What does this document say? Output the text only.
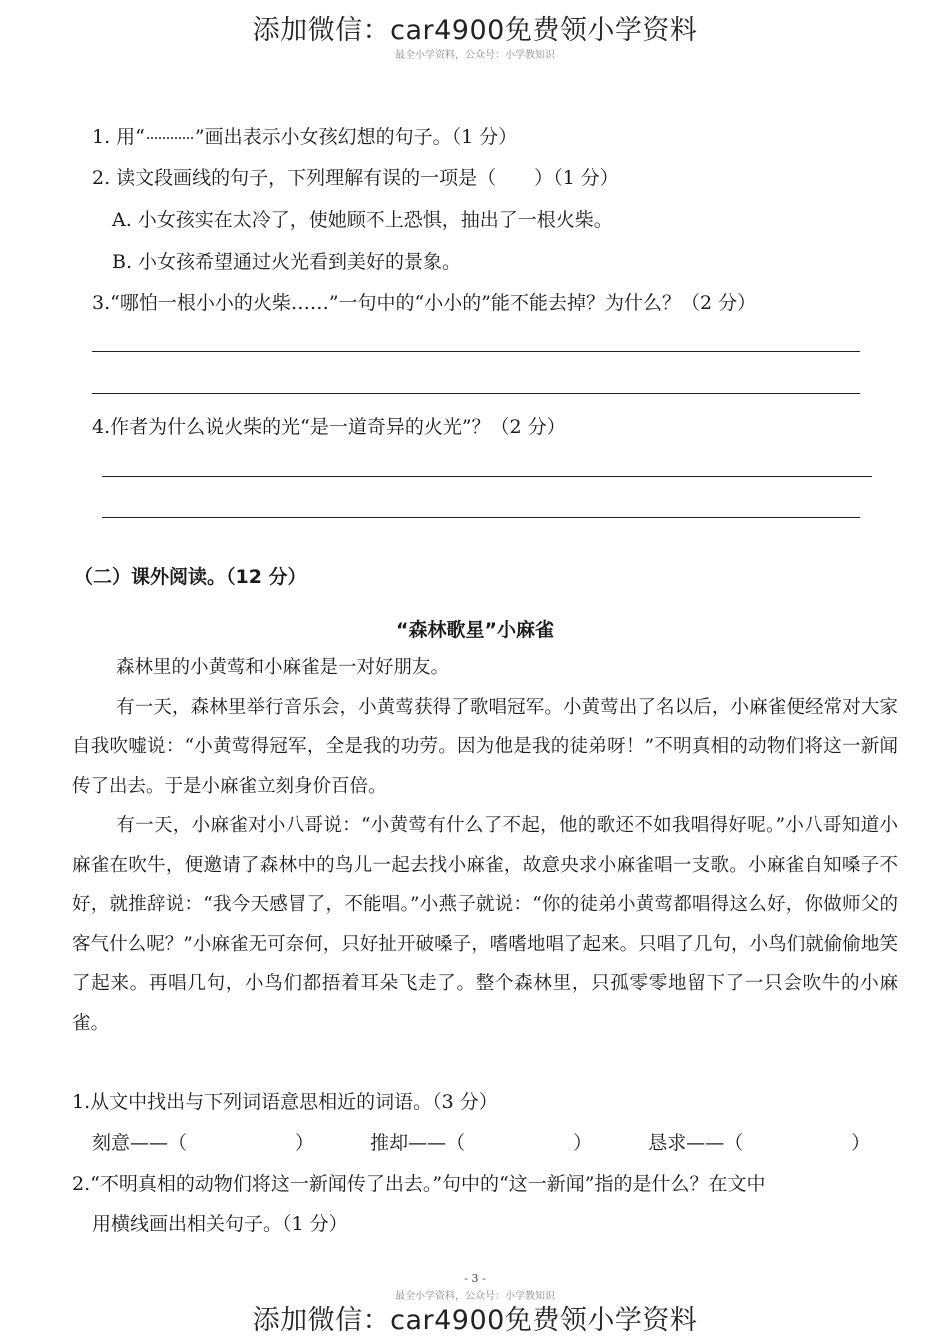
添加微信：car4900免费领小学资料
最全小学资料，公众号：小学教知识
1. 用“	”画出表示小女孩幻想的句子。（1 分）
2. 读文段画线的句子，下列理解有误的一项是（　　）（1 分）
A. 小女孩实在太冷了，使她顾不上恐惧，抽出了一根火柴。
B. 小女孩希望通过火光看到美好的景象。
3.“哪怕一根小小的火柴……”一句中的“小小的”能不能去掉？为什么？（2 分）
4.作者为什么说火柴的光“是一道奇异的火光”？（2 分）
（二）课外阅读。（12 分）
“森林歌星”小麻雀
森林里的小黄莺和小麻雀是一对好朋友。
有一天，森林里举行音乐会，小黄莺获得了歌唱冠军。小黄莺出了名以后，小麻雀便经常对大家自我吹嘘说：“小黄莺得冠军，全是我的功劳。因为他是我的徒弟呀！”不明真相的动物们将这一新闻传了出去。于是小麻雀立刻身价百倍。
有一天，小麻雀对小八哥说：“小黄莺有什么了不起，他的歌还不如我唱得好呢。”小八哥知道小麻雀在吹牛，便邀请了森林中的鸟儿一起去找小麻雀，故意央求小麻雀唱一支歌。小麻雀自知嗓子不好，就推辞说：“我今天感冒了，不能唱。”小燕子就说：“你的徒弟小黄莺都唱得这么好，你做师父的客气什么呢？”小麻雀无可奈何，只好扯开破嗓子，嗜嗜地唱了起来。只唱了几句，小鸟们就偷偷地笑了起来。再唱几句，小鸟们都捂着耳朵飞走了。整个森林里，只孤零零地留下了一只会吹牛的小麻雀。
1.从文中找出与下列词语意思相近的词语。（3 分）
刻意——（	）	推却——（	）	恳求——（	）
2.“不明真相的动物们将这一新闻传了出去。”句中的“这一新闻”指的是什么？在文中
用横线画出相关句子。（1 分）
- 3 -
最全小学资料，公众号：小学教知识
添加微信：car4900免费领小学资料
